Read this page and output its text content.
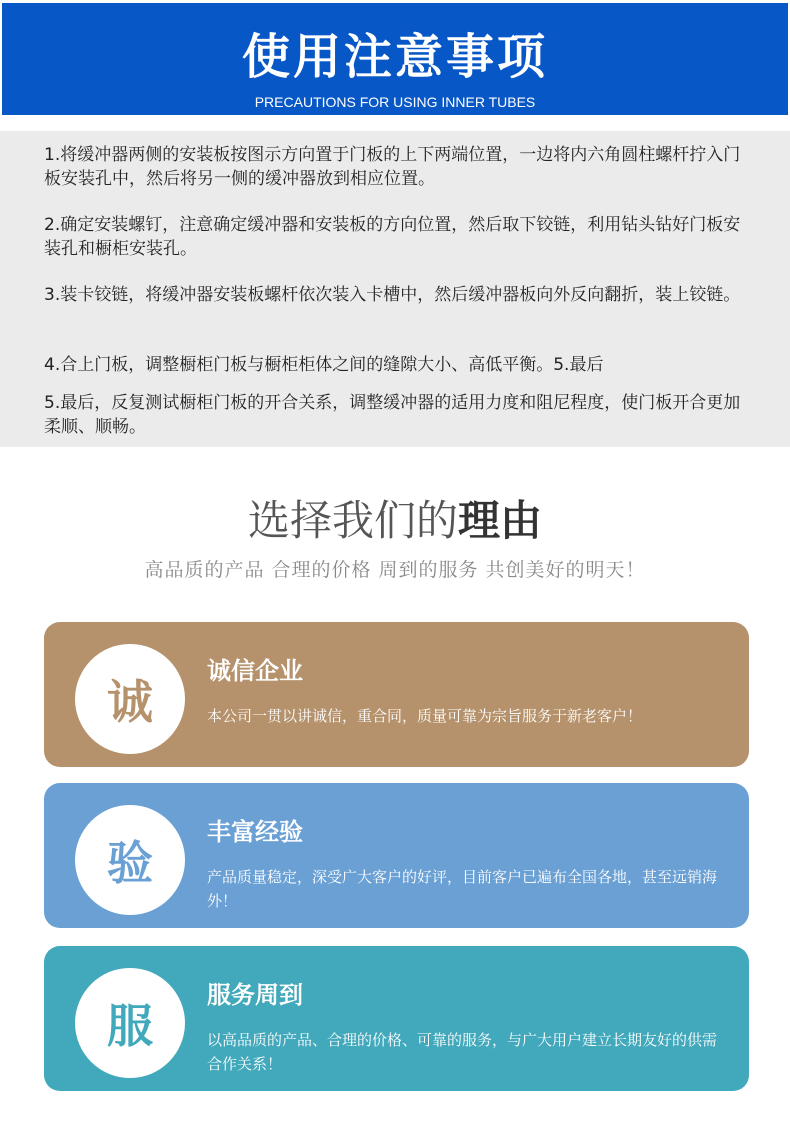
使用注意事项
PRECAUTIONS FOR USING INNER TUBES

1.将缓冲器两侧的安装板按图示方向置于门板的上下两端位置，一边将内六角圆柱螺杆拧入门板安装孔中，然后将另一侧的缓冲器放到相应位置。

2.确定安装螺钉，注意确定缓冲器和安装板的方向位置，然后取下铰链，利用钻头钻好门板安装孔和橱柜安装孔。

3.装卡铰链，将缓冲器安装板螺杆依次装入卡槽中，然后缓冲器板向外反向翻折，装上铰链。

4.合上门板，调整橱柜门板与橱柜柜体之间的缝隙大小、高低平衡。5.最后

5.最后，反复测试橱柜门板的开合关系，调整缓冲器的适用力度和阻尼程度，使门板开合更加柔顺、顺畅。

选择我们的理由
高品质的产品 合理的价格 周到的服务 共创美好的明天！
诚
诚信企业

本公司一贯以讲诚信，重合同，质量可靠为宗旨服务于新老客户！

验
丰富经验

产品质量稳定，深受广大客户的好评，目前客户已遍布全国各地，甚至远销海外！

服
服务周到

以高品质的产品、合理的价格、可靠的服务，与广大用户建立长期友好的供需合作关系！
